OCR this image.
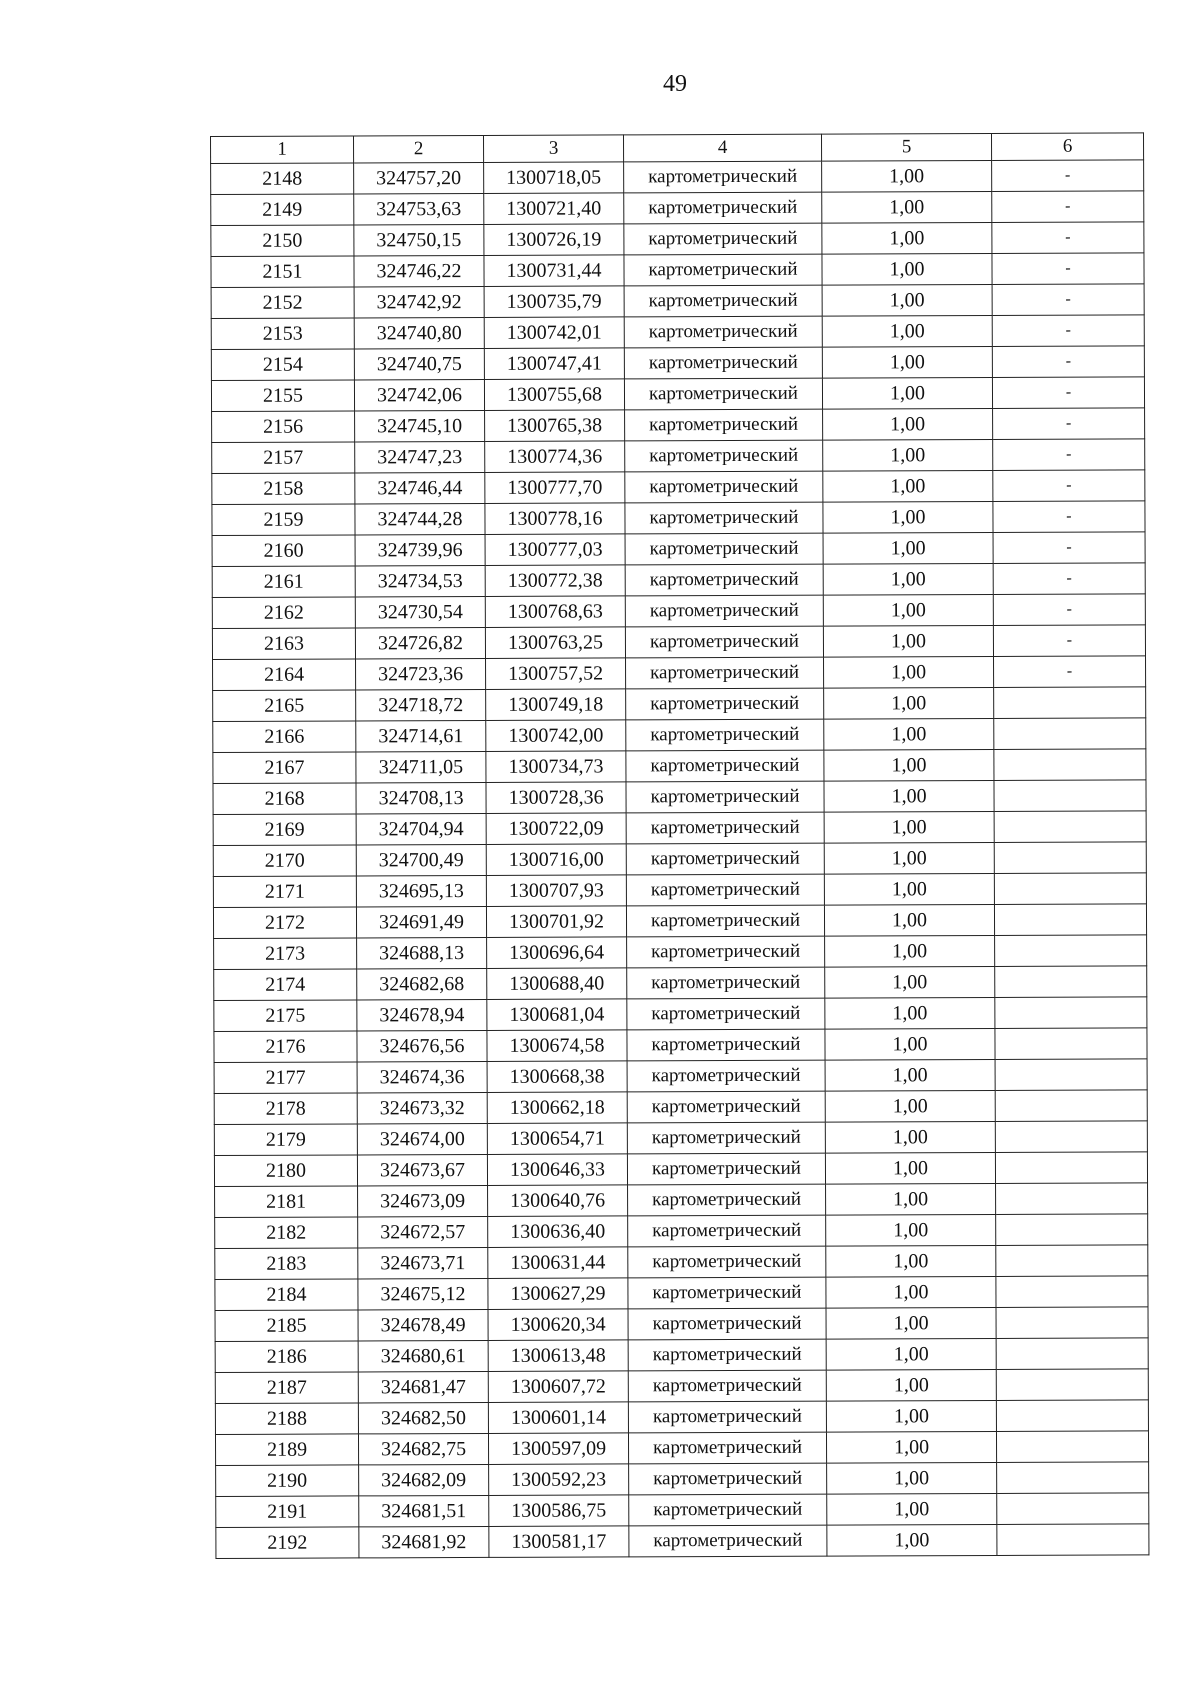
49
1	2	3	4	5	6
2148	324757,20	1300718,05	картометрический	1,00	-
2149	324753,63	1300721,40	картометрический	1,00	-
2150	324750,15	1300726,19	картометрический	1,00	-
2151	324746,22	1300731,44	картометрический	1,00	-
2152	324742,92	1300735,79	картометрический	1,00	-
2153	324740,80	1300742,01	картометрический	1,00	-
2154	324740,75	1300747,41	картометрический	1,00	-
2155	324742,06	1300755,68	картометрический	1,00	-
2156	324745,10	1300765,38	картометрический	1,00	-
2157	324747,23	1300774,36	картометрический	1,00	-
2158	324746,44	1300777,70	картометрический	1,00	-
2159	324744,28	1300778,16	картометрический	1,00	-
2160	324739,96	1300777,03	картометрический	1,00	-
2161	324734,53	1300772,38	картометрический	1,00	-
2162	324730,54	1300768,63	картометрический	1,00	-
2163	324726,82	1300763,25	картометрический	1,00	-
2164	324723,36	1300757,52	картометрический	1,00	-
2165	324718,72	1300749,18	картометрический	1,00	
2166	324714,61	1300742,00	картометрический	1,00	
2167	324711,05	1300734,73	картометрический	1,00	
2168	324708,13	1300728,36	картометрический	1,00	
2169	324704,94	1300722,09	картометрический	1,00	
2170	324700,49	1300716,00	картометрический	1,00	
2171	324695,13	1300707,93	картометрический	1,00	
2172	324691,49	1300701,92	картометрический	1,00	
2173	324688,13	1300696,64	картометрический	1,00	
2174	324682,68	1300688,40	картометрический	1,00	
2175	324678,94	1300681,04	картометрический	1,00	
2176	324676,56	1300674,58	картометрический	1,00	
2177	324674,36	1300668,38	картометрический	1,00	
2178	324673,32	1300662,18	картометрический	1,00	
2179	324674,00	1300654,71	картометрический	1,00	
2180	324673,67	1300646,33	картометрический	1,00	
2181	324673,09	1300640,76	картометрический	1,00	
2182	324672,57	1300636,40	картометрический	1,00	
2183	324673,71	1300631,44	картометрический	1,00	
2184	324675,12	1300627,29	картометрический	1,00	
2185	324678,49	1300620,34	картометрический	1,00	
2186	324680,61	1300613,48	картометрический	1,00	
2187	324681,47	1300607,72	картометрический	1,00	
2188	324682,50	1300601,14	картометрический	1,00	
2189	324682,75	1300597,09	картометрический	1,00	
2190	324682,09	1300592,23	картометрический	1,00	
2191	324681,51	1300586,75	картометрический	1,00	
2192	324681,92	1300581,17	картометрический	1,00	
